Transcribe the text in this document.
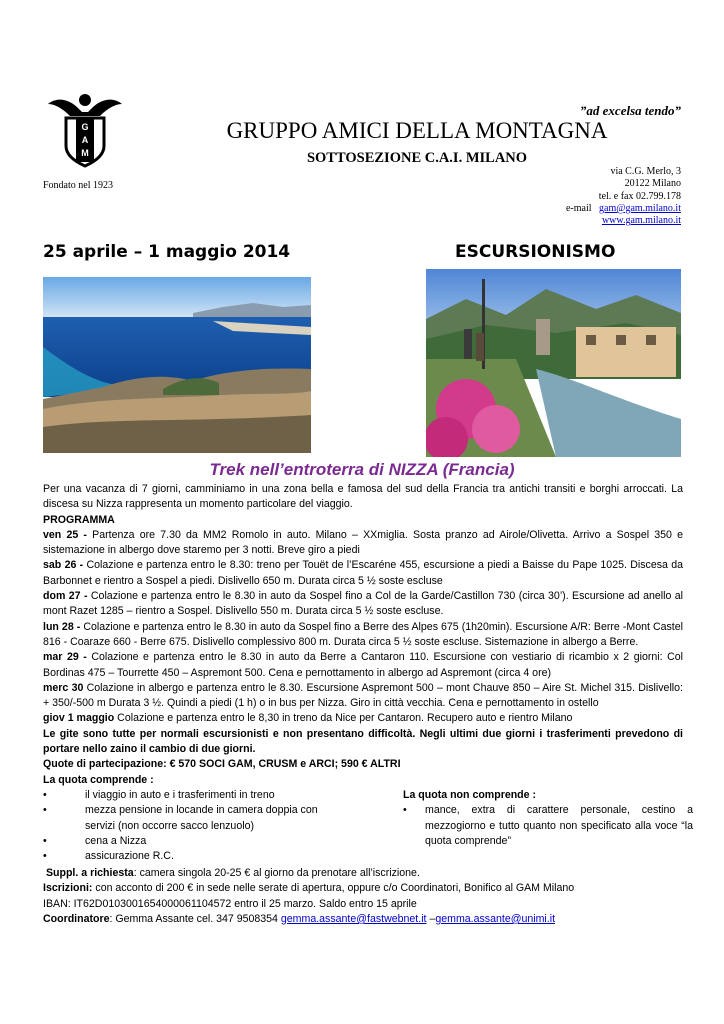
G
A
M
”ad excelsa tendo”
GRUPPO AMICI DELLA MONTAGNA
SOTTOSEZIONE C.A.I. MILANO
via C.G. Merlo, 3
20122 Milano
tel. e fax 02.799.178
e-mail gam@gam.milano.it
www.gam.milano.it
Fondato nel 1923
25 aprile – 1 maggio 2014	ESCURSIONISMO
Trek nell’entroterra di NIZZA (Francia)

Per una vacanza di 7 giorni, camminiamo in una zona bella e famosa del sud della Francia tra antichi transiti e borghi arroccati. La discesa su Nizza rappresenta un momento particolare del viaggio.

PROGRAMMA

ven 25 - Partenza ore 7.30 da MM2 Romolo in auto. Milano – XXmiglia. Sosta pranzo ad Airole/Olivetta. Arrivo a Sospel 350 e sistemazione in albergo dove staremo per 3 notti. Breve giro a piedi

sab 26 - Colazione e partenza entro le 8.30: treno per Touët de l’Escaréne 455, escursione a piedi a Baisse du Pape 1025. Discesa da Barbonnet e rientro a Sospel a piedi. Dislivello 650 m. Durata circa 5 ½ soste escluse

dom 27 - Colazione e partenza entro le 8.30 in auto da Sospel fino a Col de la Garde/Castillon 730 (circa 30’). Escursione ad anello al mont Razet 1285 – rientro a Sospel. Dislivello 550 m. Durata circa 5 ½ soste escluse.

lun 28 - Colazione e partenza entro le 8.30 in auto da Sospel fino a Berre des Alpes 675 (1h20min). Escursione A/R: Berre -Mont Castel 816 - Coaraze 660 - Berre 675. Dislivello complessivo 800 m. Durata circa 5 ½ soste escluse. Sistemazione in albergo a Berre.

mar 29 - Colazione e partenza entro le 8.30 in auto da Berre a Cantaron 110. Escursione con vestiario di ricambio x 2 giorni: Col Bordinas 475 – Tourrette 450 – Aspremont 500. Cena e pernottamento in albergo ad Aspremont (circa 4 ore)

merc 30 Colazione in albergo e partenza entro le 8.30. Escursione Aspremont 500 – mont Chauve 850 – Aire St. Michel 315. Dislivello: + 350/-500 m Durata 3 ½. Quindi a piedi (1 h) o in bus per Nizza. Giro in città vecchia. Cena e pernottamento in ostello

giov 1 maggio Colazione e partenza entro le 8,30 in treno da Nice per Cantaron. Recupero auto e rientro Milano

Le gite sono tutte per normali escursionisti e non presentano difficoltà. Negli ultimi due giorni i trasferimenti prevedono di portare nello zaino il cambio di due giorni.

Quote di partecipazione: € 570 SOCI GAM, CRUSM e ARCI; 590 € ALTRI

La quota comprende :

•	il viaggio in auto e i trasferimenti in treno
•	mezza pensione in locande in camera doppia con servizi (non occorre sacco lenzuolo)
•	cena a Nizza
•	assicurazione R.C.
La quota non comprende :
• mance, extra di carattere personale, cestino a mezzogiorno e tutto quanto non specificato alla voce “la quota comprende”

Suppl. a richiesta: camera singola 20-25 € al giorno da prenotare all’iscrizione.

Iscrizioni: con acconto di 200 € in sede nelle serate di apertura, oppure c/o Coordinatori, Bonifico al GAM Milano

IBAN: IT62D0103001654000061104572 entro il 25 marzo. Saldo entro 15 aprile

Coordinatore: Gemma Assante cel. 347 9508354 gemma.assante@fastwebnet.it –gemma.assante@unimi.it
